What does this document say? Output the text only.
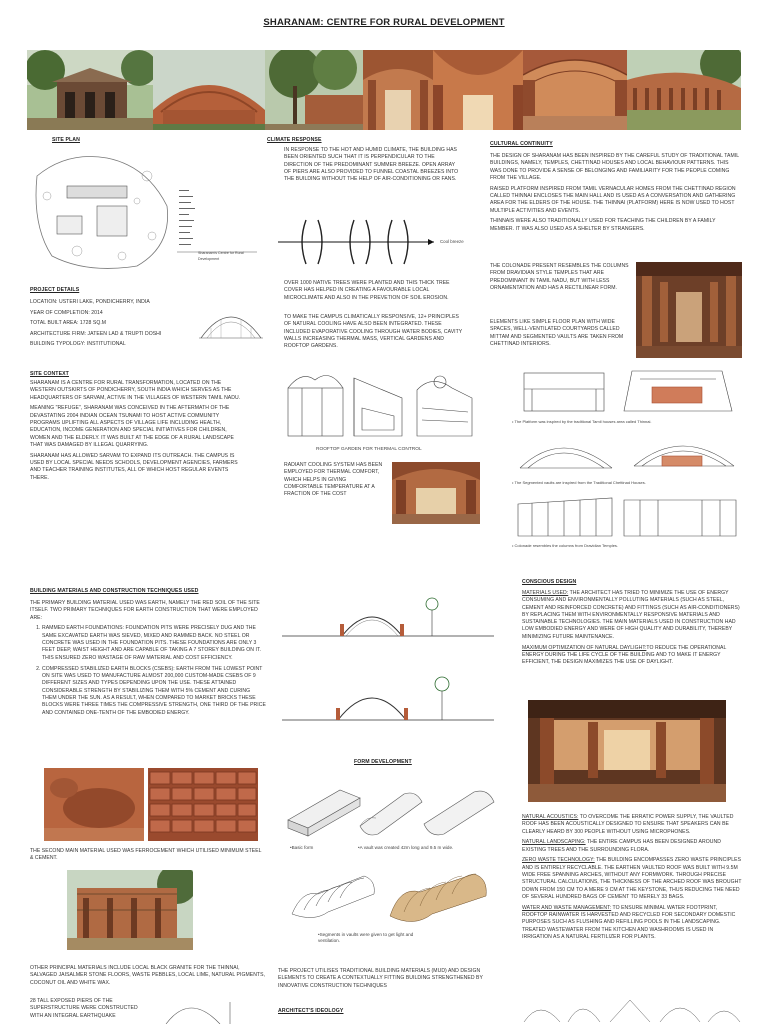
SHARANAM: CENTRE FOR RURAL DEVELOPMENT
SITE PLAN
Sharanam's Centre for Rural Development
PROJECT DETAILS
LOCATION: USTERI LAKE, PONDICHERRY, INDIA
YEAR OF COMPLETION: 2014
TOTAL BUILT AREA: 1728 SQ.M
ARCHITECTURE FIRM: JATEEN LAD & TRUPTI DOSHI
BUILDING TYPOLOGY: INSTITUTIONAL
SITE CONTEXT

SHARANAM IS A CENTRE FOR RURAL TRANSFORMATION, LOCATED ON THE WESTERN OUTSKIRTS OF PONDICHERRY, SOUTH INDIA WHICH SERVES AS THE HEADQUARTERS OF SARVAM, ACTIVE IN THE VILLAGES OF WESTERN TAMIL NADU.

MEANING "REFUGE", SHARANAM WAS CONCEIVED IN THE AFTERMATH OF THE DEVASTATING 2004 INDIAN OCEAN TSUNAMI TO HOST ACTIVE COMMUNITY PROGRAMS UPLIFTING ALL ASPECTS OF VILLAGE LIFE INCLUDING HEALTH, EDUCATION, INCOME GENERATION AND SPECIAL INITIATIVES FOR CHILDREN, WOMEN AND THE ELDERLY. IT WAS BUILT AT THE EDGE OF A RURAL LANDSCAPE THAT WAS DAMAGED BY ILLEGAL QUARRYING.

SHARANAM HAS ALLOWED SARVAM TO EXPAND ITS OUTREACH. THE CAMPUS IS USED BY LOCAL SPECIAL NEEDS SCHOOLS, DEVELOPMENT AGENCIES, FARMERS AND TEACHER TRAINING INSTITUTES, ALL OF WHICH HOST REGULAR EVENTS THERE.

CLIMATE RESPONSE
IN RESPONSE TO THE HOT AND HUMID CLIMATE, THE BUILDING HAS BEEN ORIENTED SUCH THAT IT IS PERPENDICULAR TO THE DIRECTION OF THE PREDOMINANT SUMMER BREEZE. OPEN ARRAY OF PIERS ARE ALSO PROVIDED TO FUNNEL COASTAL BREEZES INTO THE BUILDING WITHOUT THE HELP OF AIR-CONDITIONING OR FANS.
Cool breeze
OVER 1000 NATIVE TREES WERE PLANTED AND THIS THICK TREE COVER HAS HELPED IN CREATING A FAVOURABLE LOCAL MICROCLIMATE AND ALSO IN THE PREVETION OF SOIL EROSION.
TO MAKE THE CAMPUS CLIMATICALLY RESPONSIVE, 12+ PRINCIPLES OF NATURAL COOLING HAVE ALSO BEEN INTEGRATED. THESE INCLUDED EVAPORATIVE COOLING THROUGH WATER BODIES, CAVITY WALLS INCREASING THERMAL MASS, VERTICAL GARDENS AND ROOFTOP GARDENS.
ROOFTOP GARDEN FOR THERMAL CONTROL
RADIANT COOLING SYSTEM HAS BEEN EMPLOYED FOR THERMAL COMFORT, WHICH HELPS IN GIVING COMFORTABLE TEMPERATURE AT A FRACTION OF THE COST
CULTURAL CONTINUITY

THE DESIGN OF SHARANAM HAS BEEN INSPIRED BY THE CAREFUL STUDY OF TRADITIONAL TAMIL BUILDINGS, NAMELY, TEMPLES, CHETTINAD HOUSES AND LOCAL BEHAVIOUR PATTERNS. THIS WAS DONE TO PROVIDE A SENSE OF BELONGING AND FAMILIARITY FOR THE PEOPLE COMING FROM THE VILLAGE.

RAISED PLATFORM INSPIRED FROM TAMIL VERNACULAR HOMES FROM THE CHETTINAD REGION CALLED THINNAI ENCLOSES THE MAIN HALL AND IS USED AS A CONVERSATION AND GATHERING AREA FOR THE ELDERS OF THE HOUSE. THE THINNAI (PLATFORM) HERE IS NOW USED TO HOST MULTIPLE ACTIVITIES AND EVENTS.

THINNAIS WERE ALSO TRADITIONALLY USED FOR TEACHING THE CHILDREN BY A FAMILY MEMBER. IT WAS ALSO USED AS A SHELTER BY STRANGERS.

THE COLONADE PRESENT RESEMBLES THE COLUMNS FROM DRAVIDIAN STYLE TEMPLES THAT ARE PREDOMINANT IN TAMIL NADU, BUT WITH LESS ORNAMENTATION AND HAS A RECTILINEAR FORM.
ELEMENTS LIKE SIMPLE FLOOR PLAN WITH WIDE SPACES, WELL-VENTILATED COURTYARDS CALLED MITTAM AND SEGMENTED VAULTS ARE TAKEN FROM CHETTINAD INTERIORS.
• The Platform was inspired by the traditional Tamil houses area called Thinnai.
• The Segmented vaults are inspired from the Traditional Chettinad Houses.
• Colonade resembles the columns from Dravidian Temples.
BUILDING MATERIALS AND CONSTRUCTION TECHNIQUES USED

THE PRIMARY BUILDING MATERIAL USED WAS EARTH, NAMELY THE RED SOIL OF THE SITE ITSELF. TWO PRIMARY TECHNIQUES FOR EARTH CONSTRUCTION THAT WERE EMPLOYED ARE:

1. RAMMED EARTH FOUNDATIONS: FOUNDATION PITS WERE PRECISELY DUG AND THE SAME EXCAVATED EARTH WAS SIEVED, MIXED AND RAMMED BACK. NO STEEL OR CONCRETE WAS USED IN THE FOUNDATION PITS. THESE FOUNDATIONS ARE ONLY 3 FEET DEEP, WAIST HEIGHT AND ARE CAPABLE OF TAKING A 7 STOREY BUILDING ON IT. THIS ENSURED ZERO WASTAGE OF RAW MATERIAL AND COST EFFICIENCY.
2. COMPRESSED STABILIZED EARTH BLOCKS (CSEBS): EARTH FROM THE LOWEST POINT ON SITE WAS USED TO MANUFACTURE ALMOST 200,000 CUSTOM-MADE CSEBS OF 9 DIFFERENT SIZES AND TYPES DEPENDING UPON THE USE. THESE ATTAINED CONSIDERABLE STRENGTH BY STABILIZING THEM WITH 5% CEMENT AND CURING THEM UNDER THE SUN. AS A RESULT, WHEN COMPARED TO MARKET BRICKS THESE BLOCKS WERE THREE TIMES THE COMPRESSIVE STRENGTH, ONE THIRD OF THE PRICE AND CONTAINED ONE-TENTH OF THE EMBODIED ENERGY.
THE SECOND MAIN MATERIAL USED WAS FERROCEMENT WHICH UTILISED MINIMUM STEEL & CEMENT.
OTHER PRINCIPAL MATERIALS INCLUDE LOCAL BLACK GRANITE FOR THE THINNAI, SALVAGED JAISALMER STONE FLOORS, WASTE PEBBLES, LOCAL LIME, NATURAL PIGMENTS, COCONUT OIL AND WHITE WAX.
28 TALL EXPOSED PIERS OF THE SUPERSTRUCTURE WERE CONSTRUCTED WITH AN INTEGRAL EARTHQUAKE
FORM DEVELOPMENT
•Basic form	•A vault was created 42m long and 9.5 m wide.
•Segments in vaults were given to get light and ventilation.
THE PROJECT UTILISES TRADITIONAL BUILDING MATERIALS (MUD) AND DESIGN ELEMENTS TO CREATE A CONTEXTUALLY FITTING BUILDING STRENGTHENED BY INNOVATIVE CONSTRUCTION TECHNIQUES
ARCHITECT'S IDEOLOGY
CONSCIOUS DESIGN

MATERIALS USED: THE ARCHITECT HAS TRIED TO MINIMIZE THE USE OF ENERGY CONSUMING AND ENVIRONMENTALLY POLLUTING MATERIALS (SUCH AS STEEL, CEMENT AND REINFORCED CONCRETE) AND FITTINGS (SUCH AS AIR-CONDITIONERS) BY REPLACING THEM WITH ENVIRONMENTALLY RESPONSIVE MATERIALS AND SUSTAINABLE TECHNOLOGIES. THE MAIN MATERIALS USED IN CONSTRUCTION HAD LOW EMBODIED ENERGY AND WERE OF HIGH QUALITY AND DURABILITY, THEREBY MINIMIZING FUTURE MAINTENANCE.

MAXIMUM OPTIMIZATION OF NATURAL DAYLIGHT:TO REDUCE THE OPERATIONAL ENERGY DURING THE LIFE CYCLE OF THE BUILDING AND TO MAKE IT ENERGY EFFICIENT, THE DESIGN MAXIMIZES THE USE OF DAYLIGHT.

NATURAL ACOUSTICS: TO OVERCOME THE ERRATIC POWER SUPPLY, THE VAULTED ROOF HAS BEEN ACOUSTICALLY DESIGNED TO ENSURE THAT SPEAKERS CAN BE CLEARLY HEARD BY 300 PEOPLE WITHOUT USING MICROPHONES.

NATURAL LANDSCAPING: THE ENTIRE CAMPUS HAS BEEN DESIGNED AROUND EXISTING TREES AND THE SURROUNDING FLORA.

ZERO WASTE TECHNOLOGY: THE BUILDING ENCOMPASSES ZERO WASTE PRINCIPLES AND IS ENTIRELY RECYCLABLE. THE EARTHEN VAULTED ROOF WAS BUILT WITH 9.5M WIDE FREE SPANNING ARCHES, WITHOUT ANY FORMWORK. THROUGH PRECISE STRUCTURAL CALCULATIONS, THE THICKNESS OF THE ARCHED ROOF WAS BROUGHT DOWN FROM 150 CM TO A MERE 9 CM AT THE KEYSTONE, THUS REDUCING THE NEED OF SEVERAL HUNDRED BAGS OF CEMENT TO MERELY 33 BAGS.

WATER AND WASTE MANAGEMENT: TO ENSURE MINIMAL WATER FOOTPRINT, ROOFTOP RAINWATER IS HARVESTED AND RECYCLED FOR SECONDARY DOMESTIC PURPOSES SUCH AS FLUSHING AND REFILLING POOLS IN THE LANDSCAPING. TREATED WASTEWATER FROM THE KITCHEN AND WASHROOMS IS USED IN IRRIGATION AS A NATURAL FERTILIZER FOR PLANTS.
